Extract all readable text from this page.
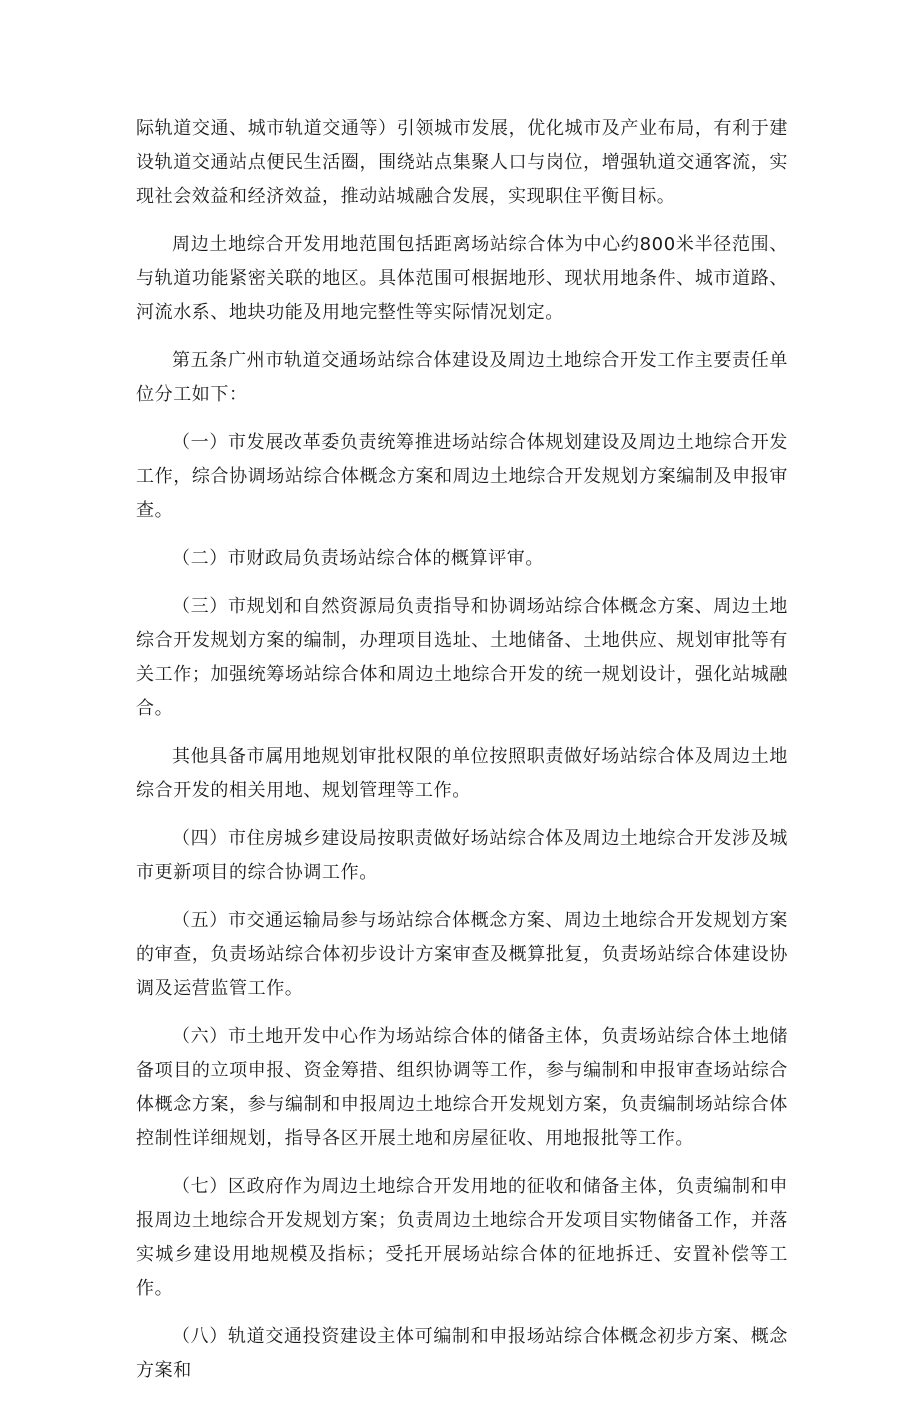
际轨道交通、城市轨道交通等）引领城市发展，优化城市及产业布局，有利于建设轨道交通站点便民生活圈，围绕站点集聚人口与岗位，增强轨道交通客流，实现社会效益和经济效益，推动站城融合发展，实现职住平衡目标。

周边土地综合开发用地范围包括距离场站综合体为中心约800米半径范围、与轨道功能紧密关联的地区。具体范围可根据地形、现状用地条件、城市道路、河流水系、地块功能及用地完整性等实际情况划定。

第五条广州市轨道交通场站综合体建设及周边土地综合开发工作主要责任单位分工如下：

（一）市发展改革委负责统筹推进场站综合体规划建设及周边土地综合开发工作，综合协调场站综合体概念方案和周边土地综合开发规划方案编制及申报审查。

（二）市财政局负责场站综合体的概算评审。

（三）市规划和自然资源局负责指导和协调场站综合体概念方案、周边土地综合开发规划方案的编制，办理项目选址、土地储备、土地供应、规划审批等有关工作；加强统筹场站综合体和周边土地综合开发的统一规划设计，强化站城融合。

其他具备市属用地规划审批权限的单位按照职责做好场站综合体及周边土地综合开发的相关用地、规划管理等工作。

（四）市住房城乡建设局按职责做好场站综合体及周边土地综合开发涉及城市更新项目的综合协调工作。

（五）市交通运输局参与场站综合体概念方案、周边土地综合开发规划方案的审查，负责场站综合体初步设计方案审查及概算批复，负责场站综合体建设协调及运营监管工作。

（六）市土地开发中心作为场站综合体的储备主体，负责场站综合体土地储备项目的立项申报、资金筹措、组织协调等工作，参与编制和申报审查场站综合体概念方案，参与编制和申报周边土地综合开发规划方案，负责编制场站综合体控制性详细规划，指导各区开展土地和房屋征收、用地报批等工作。

（七）区政府作为周边土地综合开发用地的征收和储备主体，负责编制和申报周边土地综合开发规划方案；负责周边土地综合开发项目实物储备工作，并落实城乡建设用地规模及指标；受托开展场站综合体的征地拆迁、安置补偿等工作。

（八）轨道交通投资建设主体可编制和申报场站综合体概念初步方案、概念方案和
